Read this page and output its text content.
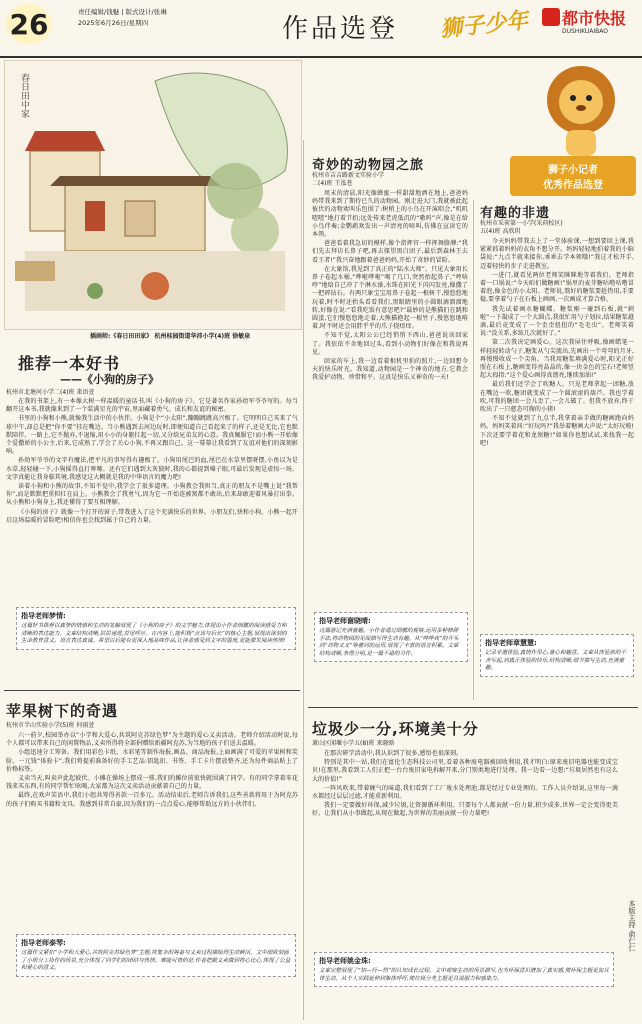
26	责任编辑/钱魅 | 版式设计/张琳
2025年6月26日/星期四	作品选登 狮子少年 都市快报
DUSHIKUAIBAO
狮子小记者
优秀作品选登
春日田中家
插画师:《春日田田家》 杭州桂园街道华沛小学(4)班 徐敏泉
推荐一本好书
——《小狗的房子》
杭州市北塘河小学二(4)班 来语萱

在我的书架上,有一本像大树一样温暖的童话书,叫《小狗的房子》。它是著名作家孙幼军爷爷写的。每当翻开这本书,我就像来到了一个装满星光的宇宙,里面藏着勇气、成长和友谊的秘密。

书里的小狗和小熊,就像我生活中的小伙伴。小狗是个“小太阳”,蹦蹦跳跳高兴极了。它明明自己买来了气球中午,却总是把“你不要”挂在嘴边。当小熊遇到去河边玩时,即便知道自己看起来了的样子,还是无比,它也默默陪伴。一路上,它不抛弃,不退缩,用小小的身躯扛起一切,又分给兄弟友的心意。我真佩服它!而小熊一开始像个爱撒娇的小公主,后来,它成熟了,学会了关心小狗,不再又跟自己。这一幕幕让我看到了友谊对他们的深刻影响。

孙幼军爷爷的文字有魔法,把平凡的事写得有趣极了。小狗用尾巴的血,尾巴在水草里摆呀摆,小鱼以为是水草,轻轻碰一下,小狗摇得直打哆嗦。还有它们遇到大灰狼时,我的心都提到嗓子眼,可最后发现是虚惊一场。文字真能让我身临其境,我感觉这大概就是我的中华语言的魔力吧!

读着小狗和小熊的故事,不知不觉中,我学会了很多道理。小狗教会我担当,真正的朋友不是嘴上说“我帮你”,而是默默把重担扛在肩上。小熊教会了我勇气,因为它一开始连被窝都不敢出,后来却敢迎着风暴打出拳。从小熊和小狗身上,我还懂得了要互相理解。

《小狗的房子》就像一个打开的窗子,带我进入了这个充满快乐的世界。小朋友们,快和小狗、小熊一起开启这场温暖的冒险吧!相信你也会找到属于自己的力量。

指导老师梦情:
这篇好书推荐以真挚的情感和生动的笔触展现了《小狗的房子》的文学魅力,体现出小作者细腻的阅读感受力和清晰的表达能力。文章结构清晰,层层递进,首尾呼应。在内容上,能积极“点该与后长”的核心主题,展现出深刻的生命教育意义。语言表达真诚。希望以后能有更深入地品味作品,让读者感受到文字的温度,更能激发阅读热情!
苹果树下的奇遇
杭州市半山实验小学(5)班 何雨萱

六一前夕,校园举办以“小学和大爱心,共筑阿克苏绿色梦”为主题的爱心义卖活动。老师介绍活动时说,每个人都可以带来自己的闲置物品,义卖所得将全部捐赠给新疆阿克苏,为当地的孩子们送去温暖。

小组迅速分工筹备。我们用彩色卡纸、水彩笔等制作海报,画品、商品海报,上面画满了可爱的苹果树和笑脸。一元钱“体验卡”,我们将提前准备好的手工艺品:钥匙扣、书签、手工卡片摆放整齐,还为每件商品贴上了价格标签。

义卖当天,叫卖声此起彼伏。小摊在操场上摆成一排,我们的摊位前很快就围满了同学。有的同学拿着零花钱来买东西,有的同学帮忙吆喝,大家都为这次义卖活动贡献着自己的力量。

最终,在欢声笑语中,我们小组共筹得善款一百多元。活动结束后,老师告诉我们,这些善款将用于为阿克苏的孩子们购买书籍和文具。我感到非常自豪,因为我们的一点点爱心,能够帮助远方的小伙伴们。

指导老师泰琴:
这篇作文紧扣“小学和大爱心,共筑阿克苏绿色梦”主题,将复杂的筹备与义卖过程描绘得生动鲜活。文中细致刻画了小组分工协作的场景,充分体现了同学们的团结与热情。难能可贵的是,作者把做义卖做到将心比心,体现了公益和爱心的意义。
奇妙的动物园之旅
杭州市吉吉路新文实验小学
二(4)班 王泓苍

周末的清晨,阳光像蜂蜜一样甜甜地洒在地上,爸爸妈妈带我来到了期待已久的动物园。刚走进大门,我就被此起彼伏的动物欢叫乐包围了:树梢上的小鸟在开演唱会,“叽叽喳喳”地打着节拍;远处传来老虎低沉的“嗷呜”声,像是在给小鸟伴奏;金鹦鹉欢发出一声清亮的啼叫,仿佛在宣读它的本领。

爸爸看着我急切的模样,像个指挥官一样挥舞胳膊:“我们先去拜访长鼻子吧,再去探望黑白团子,最后到森林王去看王者!”我兴奋地跟着爸爸妈妈,开始了奇妙的冒险。

在大象馆,我见到了真正的“陆水大师”。只见大象用长鼻子卷起水桶,“哗啦哗啦”喝了几口,突然抬起鼻子,“哼哧哼”地给自己冲了个淋水澡,水珠在阳光下闪闪发亮,像撒了一把碎钻石。有两只象宝宝用鼻子卷起一根树干,慢悠悠地玩着,时不时还抬头看看我们,黑眼睛里的小圆眼滴溜溜地转,好像在说:“看我吃饭有意思吧?”最妙的是熊猫们在跳和圆蛋,它们慢悠悠地走着,大熊猫抱起一根竹子,慢悠悠地啃着,时不时还会用胖乎乎的爪子挠痒痒。

不知不觉,太阳公公已经悄悄下西山,爸爸说该回家了。我依依不舍地回过头,看到小动物们好像在和我说再见。

回家的车上,我一边看着相机里拍的照片,一边回想今天的快乐时光。我知道,动物园是一个神奇的地方,它教会我爱护动物、珍惜和平。这真是快乐又神奇的一天!

指导老师谢晓晴:
这篇游记充满童趣。小作者通过细腻的观察,运用多种修辞手法,将动物园的见闻描写得生动有趣。从“哗哗戏”的开头到“动物叉叉”等叠词的运用,展现了丰富的语言积累。文章结构清晰,条理分明,是一篇不错的习作。
有趣的非遗
杭州市采荷第一小学(采荷校区)
五(4)班 高欣玥

今天妈妈带我去上了一堂体验课,一想到要回上课,我紧紧抓着妈妈的衣角不想分开。妈妈轻轻地拍着我的小脑袋说:“九点半就来接你,乖乖去学本领哦!”我这才松开手,迈着轻快的步子走进教室。

一进门,就看见两位老师笑眯眯地等着我们。老师指着一口锅说:“今天咱们做糖画!”锅里的麦芽糖咕噜咕噜冒着泡,像金色的小太阳。老师说,熬好的糖浆要趁热用,手要稳,要拿着勺子在石板上画画,一次画成才算合格。

我先试着画水糖蝴蝶。糖浆刚一碰到石板,就“刺啦”一下凝成了一个大圆点,我很忙用勺子划拉,结果糖浆越滴,最后竟变成了一个歪歪扭扭的“毛毛虫”。老师笑着说:“没关系,多练几次就好了。”

第二次我决定画爱心。这次我屏住呼吸,像画蜡笔一样轻轻转动勺子,糖浆从勺尖流出,先画出一个弯弯的月牙,再慢慢收成一个尖角。当我用糖浆填满爱心时,阳光正好照在石板上,糖画变得亮晶晶的,像一块金色的宝石!老师竖起大拇指:“这个爱心画得真漂亮,继续加油!”

最后我们还学会了吹糖人。只见老师拿起一团糖,放在嘴边一吹,糖团就变成了一个圆滚滚的葫芦。我也学着吹,可我的糖团一会儿歪了,一会儿破了。但我不放弃,终于吹出了一只憨态可掬的小猪!

不知不觉就到了九点半,我拿着亲手做的糖画跑向妈妈。妈妈笑着问:“好玩吗?”我举着糖画大声说:“太好玩啦!下次还要学着花和龙须糖!”如果你也想试试,来找我一起吧!

指导老师章慧慧:
记录非遗体验,真情作用心,童心和趣意。文章从体验前的不舍写起,到真正体验的快乐,结构清晰,细节描写生动,充满童趣。
垃圾少一分,环境美十分
萧山区闻堰小学五(8)班 来晓晗

在那次研学活动中,我认识到了很多,感悟也很深刻。

特别是其中一站,我们在富伦生态科技公司里,看着各种废电器被回收利用,我才明白:原来废旧电器也能变成宝贝!在那里,我看到工人们正把一台台废旧家电拆解开来,分门别类地进行处理。我一边看一边想:“垃圾居然也有这么大的价值!”

一阵风吹来,带着硬气的味道,我们看到了工厂废水处理池,都是经过专业处理的。工作人员介绍说,这里每一滴水都经过层层过滤,才能重新利用。

我们一定要做好环保,减少垃圾,让资源循环利用。只要每个人都贡献一份力量,积少成多,世界一定会变得更美好。让我们从小事做起,从现在做起,为世界的美丽贡献一份力量吧!

指导老师姚金珠:
文章完整展现了“知—行—悟”的认知成长过程。文中观察生动的场景描写,也为环保意识增加了真实感,使环保主题更加具体生动。从个人实践延伸到集体呼吁,使垃圾分类主题更具说服力和感染力。
本版主持 俞仁仁
